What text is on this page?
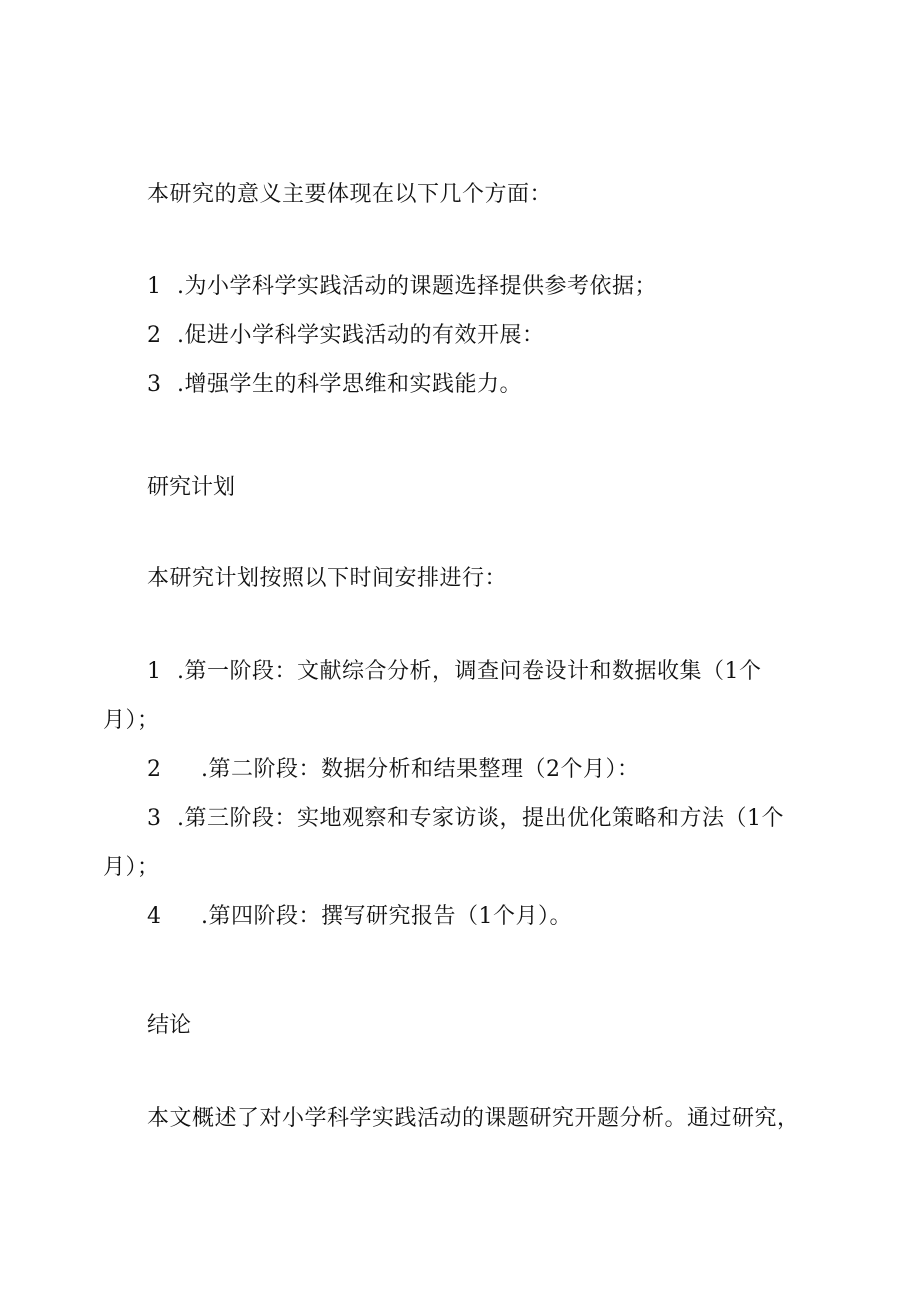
本研究的意义主要体现在以下几个方面：
1 .为小学科学实践活动的课题选择提供参考依据；
2 .促进小学科学实践活动的有效开展：
3 .增强学生的科学思维和实践能力。
研究计划
本研究计划按照以下时间安排进行：
1 .第一阶段：文献综合分析，调查问卷设计和数据收集（1个
月）；
2 .第二阶段：数据分析和结果整理（2个月）：
3 .第三阶段：实地观察和专家访谈，提出优化策略和方法（1个
月）；
4 .第四阶段：撰写研究报告（1个月）。
结论
本文概述了对小学科学实践活动的课题研究开题分析。通过研究，
